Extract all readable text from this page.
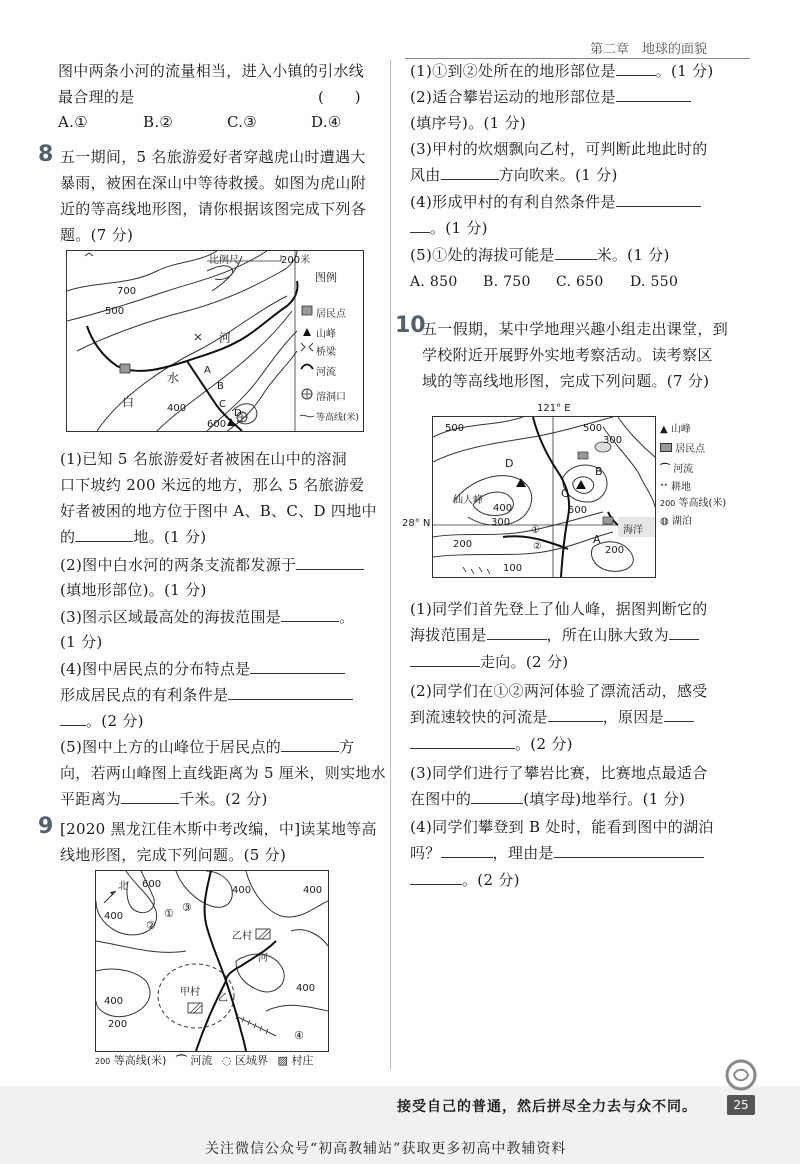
第二章　地球的面貌
图中两条小河的流量相当，进入小镇的引水线
最合理的是	(　　)
A.①	B.②	C.③	D.④
8 五一期间，5 名旅游爱好者穿越虎山时遭遇大
暴雨，被困在深山中等待救援。如图为虎山附
近的等高线地形图，请你根据该图完成下列各
题。(7 分)
比例尺	200米
图例
居民点
山峰
桥梁
河流
溶洞口
等高线(米)
700
500
400
600
河
水
白
A
B
C
D
(1)已知 5 名旅游爱好者被困在山中的溶洞
口下坡约 200 米远的地方，那么 5 名旅游爱
好者被困的地方位于图中 A、B、C、D 四地中
的	地。(1 分)
(2)图中白水河的两条支流都发源于
(填地形部位)。(1 分)
(3)图示区域最高处的海拔范围是	。
(1 分)
(4)图中居民点的分布特点是
形成居民点的有利条件是
。(2 分)
(5)图中上方的山峰位于居民点的	方
向，若两山峰图上直线距离为 5 厘米，则实地水
平距离为	千米。(2 分)
9 [2020 黑龙江佳木斯中考改编，中]读某地等高
线地形图，完成下列问题。(5 分)
北 600
400
400	400
400
400
200
①
②
③
④
乙村
甲村
乙
河
200 等高线(米) ⌒ 河流 ◌ 区域界 ▨ 村庄
(1)①到②处所在的地形部位是	。(1 分)
(2)适合攀岩运动的地形部位是
(填序号)。(1 分)
(3)甲村的炊烟飘向乙村，可判断此地此时的
风由	方向吹来。(1 分)
(4)形成甲村的有利自然条件是
。(1 分)
(5)①处的海拔可能是	米。(1 分)
A. 850 B. 750 C. 650 D. 550
10
五一假期，某中学地理兴趣小组走出课堂，到
学校附近开展野外实地考察活动。读考察区
域的等高线地形图，完成下列问题。(7 分)
121° E
28° N
500	500
300
400	500
300
200
100
200
D
B
C
A
仙人峰
海洋
①
②
▲ 山峰
居民点
⌒ 河流
ᐩᐩ 耕地
200 等高线(米)
◍ 湖泊
(1)同学们首先登上了仙人峰，据图判断它的
海拔范围是	，所在山脉大致为
走向。(2 分)
(2)同学们在①②两河体验了漂流活动，感受
到流速较快的河流是	，原因是
。(2 分)
(3)同学们进行了攀岩比赛，比赛地点最适合
在图中的	(填字母)地举行。(1 分)
(4)同学们攀登到 B 处时，能看到图中的湖泊
吗？	，理由是
。(2 分)
接受自己的普通，然后拼尽全力去与众不同。	25
关注微信公众号“初高教辅站”获取更多初高中教辅资料
